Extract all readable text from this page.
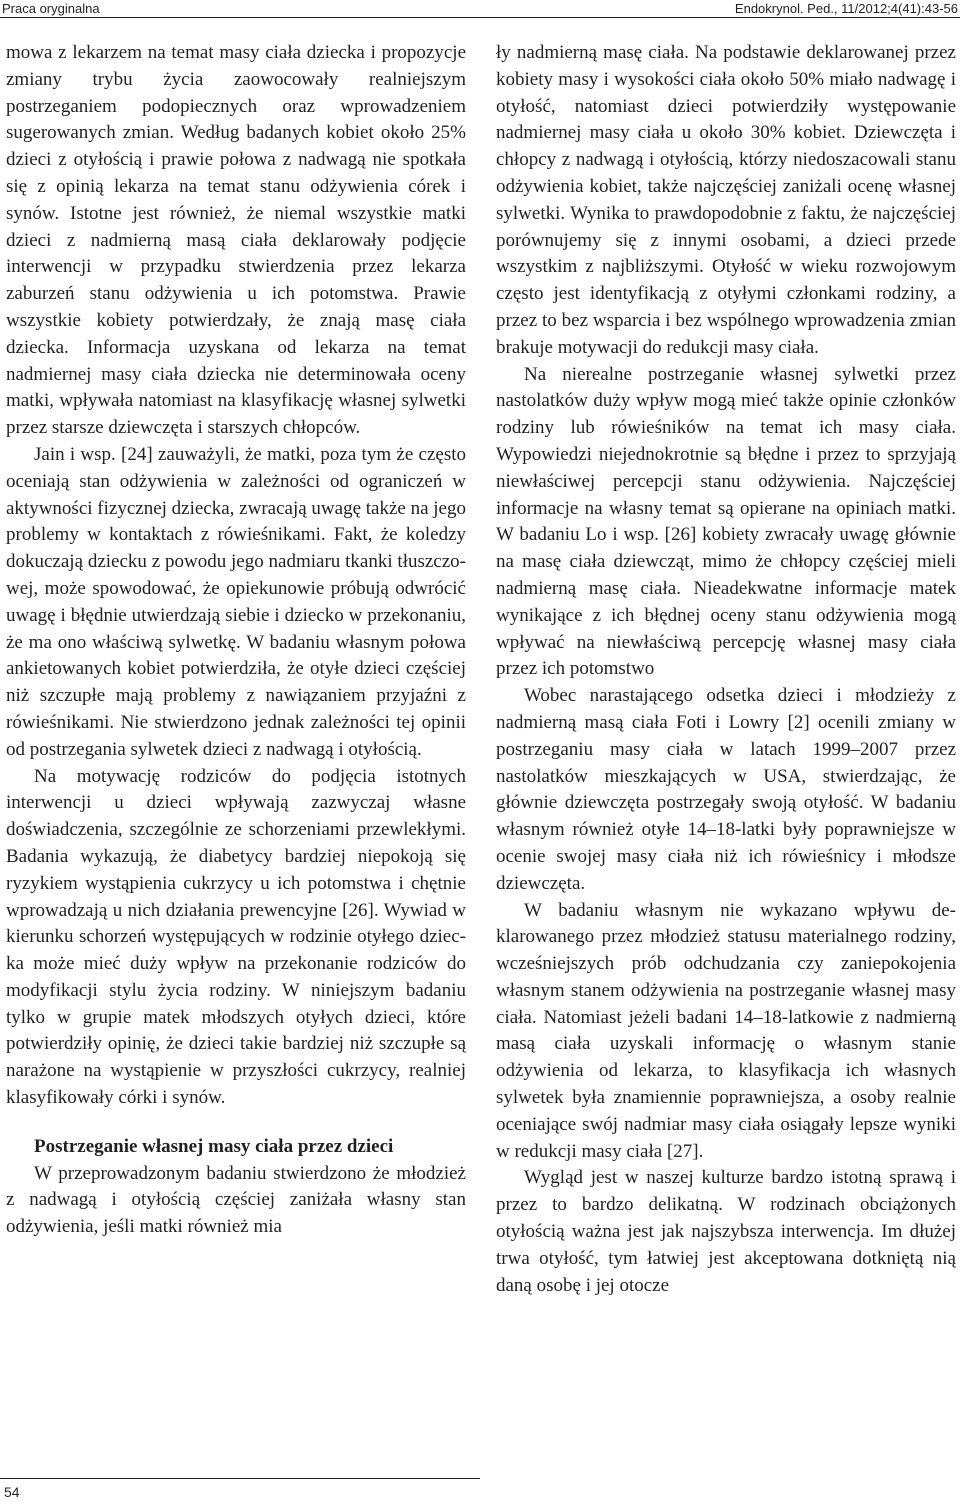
Praca oryginalna	Endokrynol. Ped., 11/2012;4(41):43-56

mowa z lekarzem na temat masy ciała dziecka i propozycje zmiany trybu życia zaowocowały realniejszym postrzeganiem podopiecznych oraz wprowadzeniem sugerowanych zmian. Według badanych kobiet około 25% dzieci z otyłością i prawie połowa z nadwagą nie spotkała się z opinią lekarza na temat stanu odżywienia córek i synów. Istotne jest również, że niemal wszystkie matki dzieci z nadmierną masą ciała deklarowały podjęcie interwencji w przypadku stwierdzenia przez lekarza zaburzeń stanu odżywienia u ich potomstwa. Prawie wszystkie kobiety potwierdzały, że znają masę ciała dziecka. Informacja uzyskana od lekarza na temat nadmiernej masy ciała dziecka nie determinowała oceny matki, wpływała natomiast na klasyfikację własnej sylwetki przez starsze dziewczęta i starszych chłopców.

Jain i wsp. [24] zauważyli, że matki, poza tym że często oceniają stan odżywienia w zależności od ograniczeń w aktywności fizycznej dziecka, zwracają uwagę także na jego problemy w kontaktach z rówieśnikami. Fakt, że koledzy dokuczają dziecku z powodu jego nadmiaru tkanki tłuszczowej, może spowodować, że opiekunowie próbują odwrócić uwagę i błędnie utwierdzają siebie i dziecko w przekonaniu, że ma ono właściwą sylwetkę. W badaniu własnym połowa ankietowanych kobiet potwierdziła, że otyłe dzieci częściej niż szczupłe mają problemy z nawiązaniem przyjaźni z rówieśnikami. Nie stwierdzono jednak zależności tej opinii od postrzegania sylwetek dzieci z nadwagą i otyłością.

Na motywację rodziców do podjęcia istotnych interwencji u dzieci wpływają zazwyczaj własne doświadczenia, szczególnie ze schorzeniami przewlekłymi. Badania wykazują, że diabetycy bardziej niepokoją się ryzykiem wystąpienia cukrzycy u ich potomstwa i chętnie wprowadzają u nich działania prewencyjne [26]. Wywiad w kierunku schorzeń występujących w rodzinie otyłego dziecka może mieć duży wpływ na przekonanie rodziców do modyfikacji stylu życia rodziny. W niniejszym badaniu tylko w grupie matek młodszych otyłych dzieci, które potwierdziły opinię, że dzieci takie bardziej niż szczupłe są narażone na wystąpienie w przyszłości cukrzycy, realniej klasyfikowały córki i synów.

Postrzeganie własnej masy ciała przez dzieci

W przeprowadzonym badaniu stwierdzono że młodzież z nadwagą i otyłością częściej zaniżała własny stan odżywienia, jeśli matki również mia

ły nadmierną masę ciała. Na podstawie deklarowanej przez kobiety masy i wysokości ciała około 50% miało nadwagę i otyłość, natomiast dzieci potwierdziły występowanie nadmiernej masy ciała u około 30% kobiet. Dziewczęta i chłopcy z nadwagą i otyłością, którzy niedoszacowali stanu odżywienia kobiet, także najczęściej zaniżali ocenę własnej sylwetki. Wynika to prawdopodobnie z faktu, że najczęściej porównujemy się z innymi osobami, a dzieci przede wszystkim z najbliższymi. Otyłość w wieku rozwojowym często jest identyfikacją z otyłymi członkami rodziny, a przez to bez wsparcia i bez wspólnego wprowadzenia zmian brakuje motywacji do redukcji masy ciała.

Na nierealne postrzeganie własnej sylwetki przez nastolatków duży wpływ mogą mieć także opinie członków rodziny lub rówieśników na temat ich masy ciała. Wypowiedzi niejednokrotnie są błędne i przez to sprzyjają niewłaściwej percepcji stanu odżywienia. Najczęściej informacje na własny temat są opierane na opiniach matki. W badaniu Lo i wsp. [26] kobiety zwracały uwagę głównie na masę ciała dziewcząt, mimo że chłopcy częściej mieli nadmierną masę ciała. Nieadekwatne informacje matek wynikające z ich błędnej oceny stanu odżywienia mogą wpływać na niewłaściwą percepcję własnej masy ciała przez ich potomstwo

Wobec narastającego odsetka dzieci i młodzieży z nadmierną masą ciała Foti i Lowry [2] ocenili zmiany w postrzeganiu masy ciała w latach 1999–2007 przez nastolatków mieszkających w USA, stwierdzając, że głównie dziewczęta postrzegały swoją otyłość. W badaniu własnym również otyłe 14–18-latki były poprawniejsze w ocenie swojej masy ciała niż ich rówieśnicy i młodsze dziewczęta.

W badaniu własnym nie wykazano wpływu deklarowanego przez młodzież statusu materialnego rodziny, wcześniejszych prób odchudzania czy zaniepokojenia własnym stanem odżywienia na postrzeganie własnej masy ciała. Natomiast jeżeli badani 14–18-latkowie z nadmierną masą ciała uzyskali informację o własnym stanie odżywienia od lekarza, to klasyfikacja ich własnych sylwetek była znamiennie poprawniejsza, a osoby realnie oceniające swój nadmiar masy ciała osiągały lepsze wyniki w redukcji masy ciała [27].

Wygląd jest w naszej kulturze bardzo istotną sprawą i przez to bardzo delikatną. W rodzinach obciążonych otyłością ważna jest jak najszybsza interwencja. Im dłużej trwa otyłość, tym łatwiej jest akceptowana dotkniętą nią daną osobę i jej otocze

54
